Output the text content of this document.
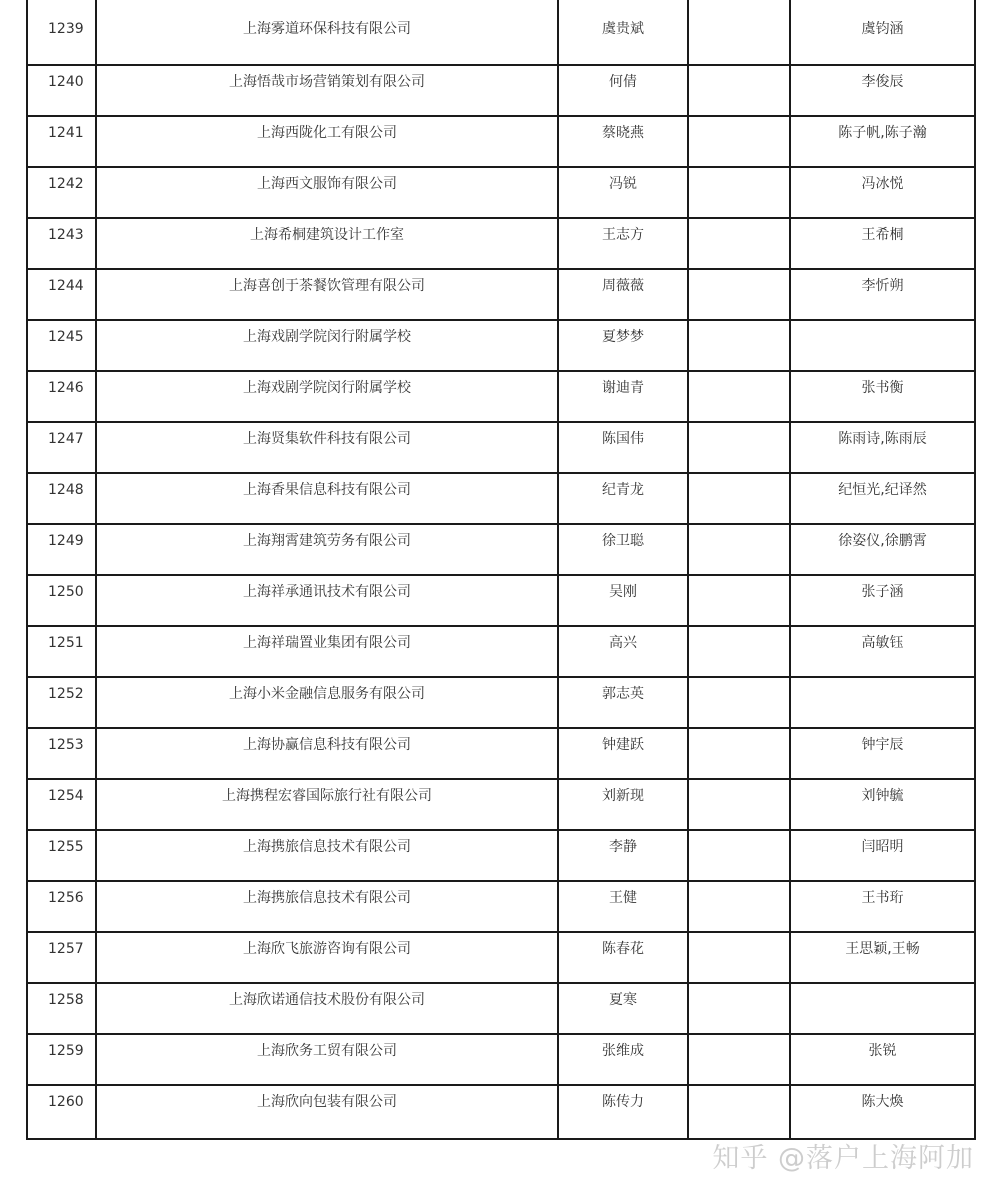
1239	上海雾道环保科技有限公司	虞贵斌		虞钧涵

1240	上海悟哉市场营销策划有限公司	何倩		李俊辰

1241	上海西陇化工有限公司	蔡晓燕		陈子帆,陈子瀚

1242	上海西文服饰有限公司	冯锐		冯冰悦

1243	上海希桐建筑设计工作室	王志方		王希桐

1244	上海喜创于茶餐饮管理有限公司	周薇薇		李忻朔

1245	上海戏剧学院闵行附属学校	夏梦梦		

1246	上海戏剧学院闵行附属学校	谢迪青		张书衡

1247	上海贤集软件科技有限公司	陈国伟		陈雨诗,陈雨辰

1248	上海香果信息科技有限公司	纪青龙		纪恒光,纪译然

1249	上海翔霄建筑劳务有限公司	徐卫聪		徐姿仪,徐鹏霄

1250	上海祥承通讯技术有限公司	吴刚		张子涵

1251	上海祥瑞置业集团有限公司	高兴		高敏钰

1252	上海小米金融信息服务有限公司	郭志英		

1253	上海协赢信息科技有限公司	钟建跃		钟宇辰

1254	上海携程宏睿国际旅行社有限公司	刘新现		刘钟毓

1255	上海携旅信息技术有限公司	李静		闫昭明

1256	上海携旅信息技术有限公司	王健		王书珩

1257	上海欣飞旅游咨询有限公司	陈春花		王思颖,王畅

1258	上海欣诺通信技术股份有限公司	夏寒		

1259	上海欣务工贸有限公司	张维成		张锐

1260	上海欣向包装有限公司	陈传力		陈大煥
知乎 @落户上海阿加
